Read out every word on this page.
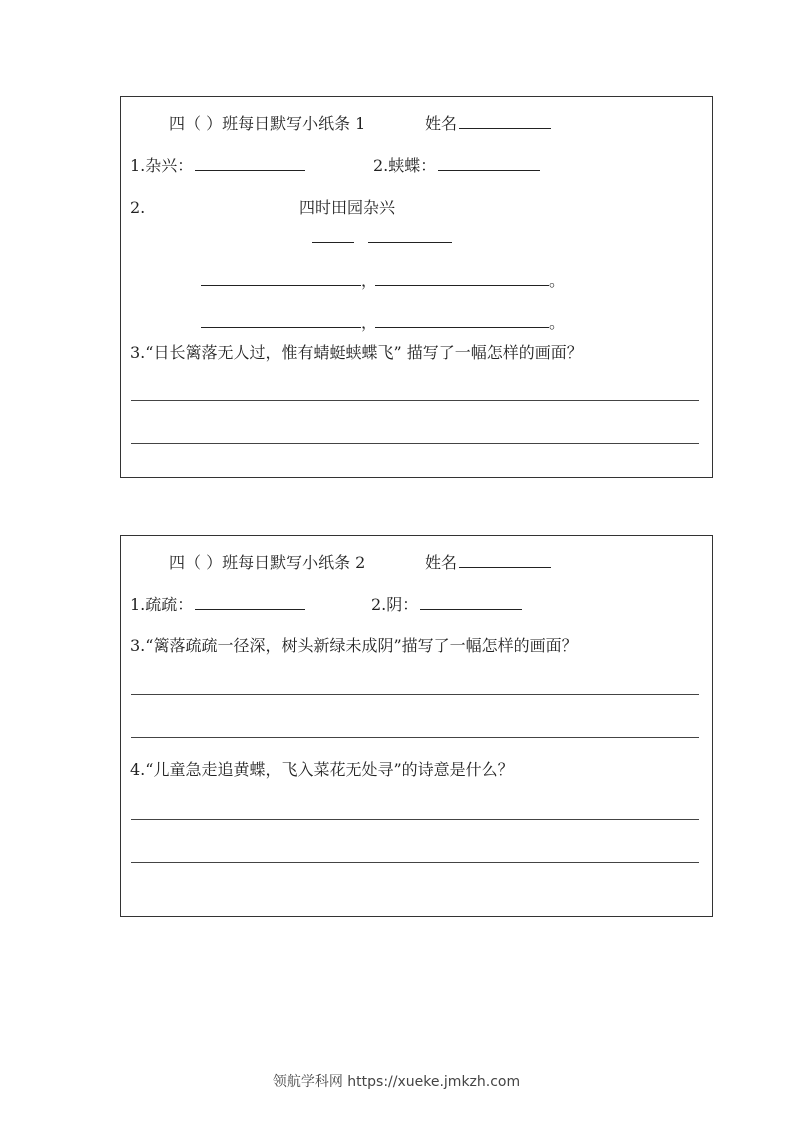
四（ ）班每日默写小纸条 1	姓名
1.杂兴：	2.蛱蝶：
2.	四时田园杂兴
，	。
，	。
3.“日长篱落无人过，惟有蜻蜓蛱蝶飞” 描写了一幅怎样的画面？
四（ ）班每日默写小纸条 2	姓名
1.疏疏：	2.阴：
3.“篱落疏疏一径深，树头新绿未成阴”描写了一幅怎样的画面？
4.“儿童急走追黄蝶，飞入菜花无处寻”的诗意是什么？
领航学科网 https://xueke.jmkzh.com
